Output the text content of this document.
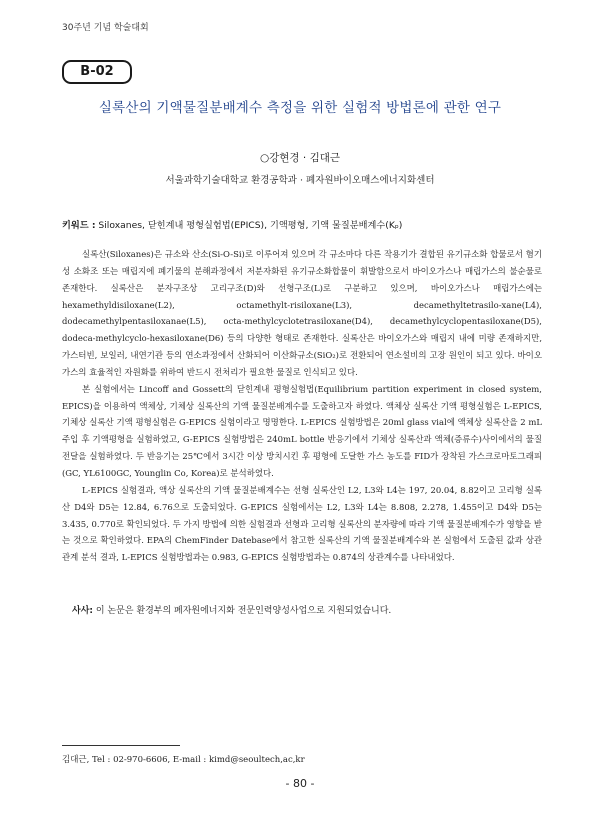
30주년 기념 학술대회
B-02
실록산의 기액물질분배계수 측정을 위한 실험적 방법론에 관한 연구
○강현경 · 김대근
서울과학기술대학교 환경공학과 · 폐자원바이오매스에너지화센터
키워드 : Siloxanes, 닫힌계내 평형실험법(EPICS), 기액평형, 기액 물질분배계수(Kₚ)

실록산(Siloxanes)은 규소와 산소(Si-O-Si)로 이루어져 있으며 각 규소마다 다른 작용기가 결합된 유기규소화 합물로서 혐기성 소화조 또는 매립지에 폐기물의 분해과정에서 저분자화된 유기규소화합물이 휘발함으로서 바이오가스나 매립가스의 불순물로 존재한다. 실록산은 분자구조상 고리구조(D)와 선형구조(L)로 구분하고 있으며, 바이오가스나 매립가스에는 hexamethyldisiloxane(L2), octamethylt-risiloxane(L3), decamethyltetrasilo-xane(L4), dodecamethylpentasiloxanae(L5), octa-methylcyclotetrasiloxane(D4), decamethylcyclopentasiloxane(D5), dodeca-methylcyclo-hexasiloxane(D6) 등의 다양한 형태로 존재한다. 실록산은 바이오가스와 매립지 내에 미량 존재하지만, 가스터빈, 보일러, 내연기관 등의 연소과정에서 산화되어 이산화규소(SiO₂)로 전환되어 연소설비의 고장 원인이 되고 있다. 바이오가스의 효율적인 자원화를 위하여 반드시 전처리가 필요한 물질로 인식되고 있다.

본 실험에서는 Lincoff and Gossett의 닫힌계내 평형실험법(Equilibrium partition experiment in closed system, EPICS)을 이용하여 액체상, 기체상 실록산의 기액 물질분배계수를 도출하고자 하였다. 액체상 실록산 기액 평형실험은 L-EPICS, 기체상 실록산 기액 평형실험은 G-EPICS 실험이라고 명명한다. L-EPICS 실험방법은 20ml glass vial에 액체상 실록산을 2 mL 주입 후 기액평형을 실험하였고, G-EPICS 실험방법은 240mL bottle 반응기에서 기체상 실록산과 액체(증류수)사이에서의 물질전달을 실험하였다. 두 반응기는 25℃에서 3시간 이상 방치시킨 후 평형에 도달한 가스 농도를 FID가 장착된 가스크로마토그래피(GC, YL6100GC, Younglin Co, Korea)로 분석하였다.

L-EPICS 실험결과, 액상 실록산의 기액 물질분배계수는 선형 실록산인 L2, L3와 L4는 197, 20.04, 8.82이고 고리형 실록산 D4와 D5는 12.84, 6.76으로 도출되었다. G-EPICS 실험에서는 L2, L3와 L4는 8.808, 2.278, 1.455이고 D4와 D5는 3.435, 0.770로 확인되었다. 두 가지 방법에 의한 실험결과 선형과 고리형 실록산의 분자량에 따라 기액 물질분배계수가 영향을 받는 것으로 확인하였다. EPA의 ChemFinder Datebase에서 참고한 실록산의 기액 물질분배계수와 본 실험에서 도출된 값과 상관관계 분석 결과, L-EPICS 실험방법과는 0.983, G-EPICS 실험방법과는 0.874의 상관계수를 나타내었다.

사사: 이 논문은 환경부의 폐자원에너지화 전문인력양성사업으로 지원되었습니다.
김대근, Tel : 02-970-6606, E-mail : kimd@seoultech,ac,kr
- 80 -
